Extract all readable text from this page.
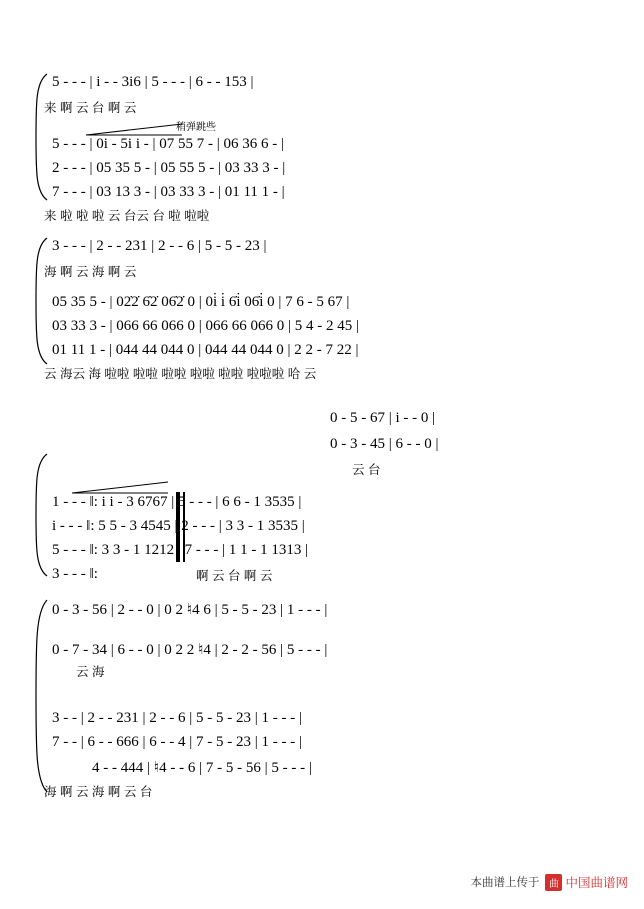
5 - - - | i - - 3i6 | 5 - - - | 6 - - 153 |
来 啊 云 台 啊 云
稍弹跳些
5 - - - | 0i - 5i i - | 07 55 7 - | 06 36 6 - |
2 - - - | 05 35 5 - | 05 55 5 - | 03 33 3 - |
7 - - - | 03 13 3 - | 03 33 3 - | 01 11 1 - |
来 啦 啦 啦 云 台云 台 啦 啦啦
3 - - - | 2 - - 231 | 2 - - 6 | 5 - 5 - 23 |
海 啊 云 海 啊 云
05 35 5 - | 02̇2̇ 6̇2̇ 06̇2̇ 0 | 0i̇ i̇ 6̇i̇ 06̇i̇ 0 | 7 6 - 5 67 |
03 33 3 - | 066 66 066 0 | 066 66 066 0 | 5 4 - 2 45 |
01 11 1 - | 044 44 044 0 | 044 44 044 0 | 2 2 - 7 22 |
云 海云 海 啦啦 啦啦 啦啦 啦啦 啦啦 啦啦啦 哈 云
0 - 5 - 67 | i - - 0 |
0 - 3 - 45 | 6 - - 0 |
云 台
1 - - - ‖: i i - 3 6767 | 5 - - - | 6 6 - 1 3535 |
i - - - ‖: 5 5 - 3 4545 | 2 - - - | 3 3 - 1 3535 |
5 - - - ‖: 3 3 - 1 1212 | 7 - - - | 1 1 - 1 1313 |
3 - - - ‖:	啊 云 台 啊 云
0 - 3 - 56 | 2 - - 0 | 0 2 ♮4 6 | 5 - 5 - 23 | 1 - - - |
0 - 7 - 34 | 6 - - 0 | 0 2 2 ♮4 | 2 - 2 - 56 | 5 - - - |
云 海
3 - - | 2 - - 231 | 2 - - 6 | 5 - 5 - 23 | 1 - - - |
7 - - | 6 - - 666 | 6 - - 4 | 7 - 5 - 23 | 1 - - - |
4 - - 444 | ♮4 - - 6 | 7 - 5 - 56 | 5 - - - |
海 啊 云 海 啊 云 台
本曲谱上传于 曲 中国曲谱网
